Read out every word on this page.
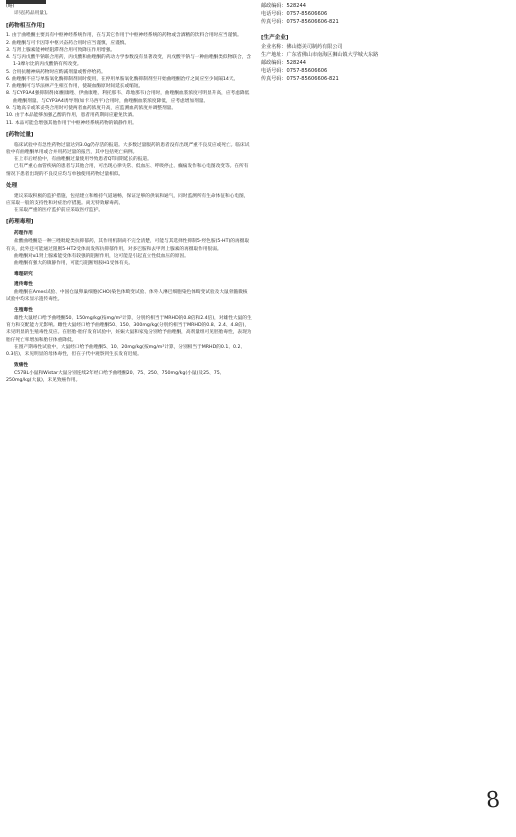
(略)
详见[药品用量]。
[药物相互作用]
1. 由于曲唑酮主要具有中枢神经系统作用，在与其它作用于中枢神经系统的药物或含酒精的饮料合用时应当谨慎。
2. 曲唑酮与可卡因等中枢兴奋药合用时应当谨慎，应谨慎。
3. 与肾上腺素能神经阻滞剂合用可致降压作用增强。
4. 与与丙戊酸半钠联合用药，丙戊酸和曲唑酮的药动力学参数没有显著改变，丙戊酸半钠与一种曲唑酮类似物联合，含1-3摩尔比的丙戊酸钠有所改变。
5. 合用抗精神病药物时应酌减剂量或暂停给药。
6. 曲唑酮不应与单胺氧化酶抑制剂同时使用，在停用单胺氧化酶抑制剂至开始曲唑酮治疗之间应至少间隔14天。
7. 曲唑酮可与华法林产生相互作用，使凝血酶原时间延长或缩短。
8. 与CYP3A4强抑制剂(如酮康唑、伊曲康唑、利托那韦、茚地那韦)合用时，曲唑酮血浆浓度可明显升高，应考虑降低曲唑酮剂量。与CYP3A4诱导剂(如卡马西平)合用时，曲唑酮血浆浓度降低，应考虑增加剂量。
9. 与地高辛或苯妥英合用时可使两者血药浓度升高，应监测血药浓度并调整剂量。
10. 由于本品能够加强乙醇的作用，患者用药期间应避免饮酒。
11. 本品可能会增强其他作用于中枢神经系统药物的镇静作用。
[药物过量]

临床试验中有急性药物过量达到3.0g仍存活的报道。大多数过量服药的患者没有出现严重不良反应或死亡。临床试验中有曲唑酮单用或合并用药过量的报告，其中包括死亡病例。

在上市后经验中，有曲唑酮过量使用导致患者QT间期延长的报道。

已有严重心血管疾病的患者与其他合用，可出现心律失常、低血压、呼吸停止、癫痫发作和心电图改变等。在所有情况下患者出现的不良反应均与单独使用药物过量相似。

处理

建议采取积极的监护措施，包括建立和维持气道通畅，保证足够的供氧和通气，同时监测所有生命体征和心电图，应采取一般的支持性和对症治疗措施。尚无特效解毒药。

在采取严重的医疗监护前应采取医疗监护。

[药理毒理]
药理作用

盐酸曲唑酮是一种三唑吡啶类抗抑郁药，其作用机制尚不完全清楚，可能与其选择性抑制5-羟色胺(5-HT)的再摄取有关，此外还可能通过阻断5-HT2受体而发挥抗抑郁作用，对多巴胺和去甲肾上腺素的再摄取作用很弱。

曲唑酮对α1肾上腺素能受体有较强的阻断作用，这可能是引起直立性低血压的原因。

曲唑酮有强大的镇静作用，可能与阻断组胺H1受体有关。

毒理研究
遗传毒性

曲唑酮在Ames试验、中国仓鼠卵巢细胞(CHO)染色体畸变试验、体外人淋巴细胞染色体畸变试验及大鼠骨髓微核试验中均未显示遗传毒性。

生殖毒性

雄性大鼠经口给予曲唑酮50、150mg/kg(按mg/m²计算，分别约相当于MRHD的0.8倍和2.4倍)，对雄性大鼠的生育力和交配能力无影响。雌性大鼠经口给予曲唑酮50、150、300mg/kg(分别约相当于MRHD的0.8、2.4、4.8倍)，未见明显的生殖毒性反应。在胚胎-胎仔发育试验中，妊娠大鼠和家兔分别给予曲唑酮，高剂量组可见胚胎毒性，表现为胎仔死亡率增加和胎仔体重降低。

在围产期毒性试验中，大鼠经口给予曲唑酮5、10、20mg/kg(按mg/m²计算，分别相当于MRHD的0.1、0.2、0.3倍)，未见明显的母体毒性，但在子代中观察到生长发育迟缓。

致癌性

C57BL小鼠和Wistar大鼠分别连续2年经口给予曲唑酮20、75、250、750mg/kg(小鼠)及25、75、250mg/kg(大鼠)，未见致癌作用。

邮政编码：528244
电话号码：0757-85606606
传真号码：0757-85606606-821
[生产企业]
企业名称：佛山德美司制药有限公司
生产地址：广东省佛山市南海区狮山镇大学城大东路
邮政编码：528244
电话号码：0757-85606606
传真号码：0757-85606606-821
8
